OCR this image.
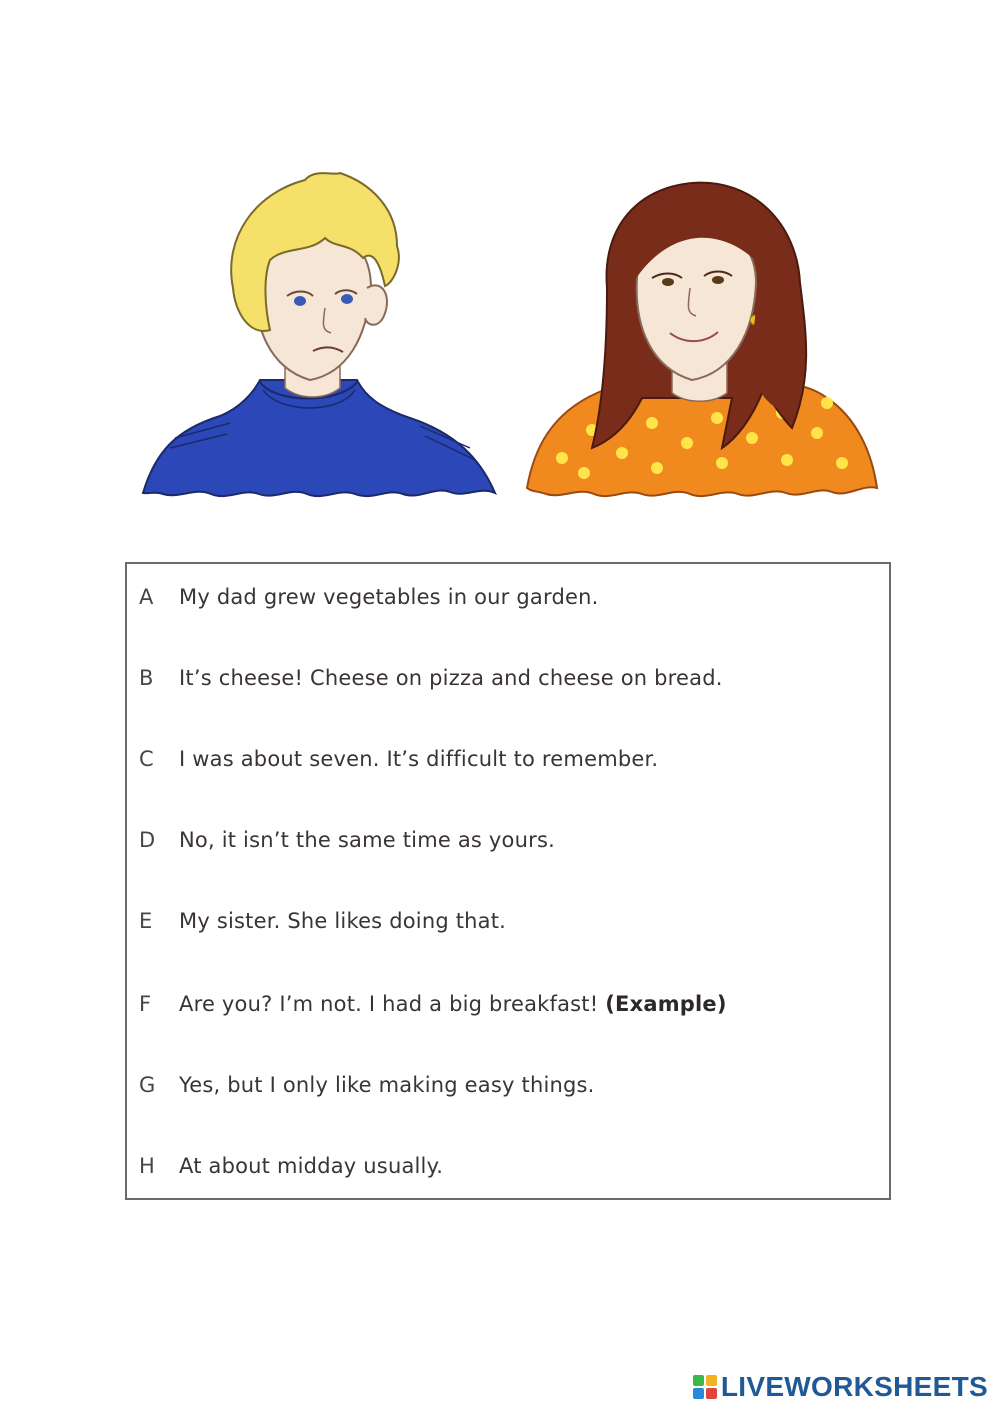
A	My dad grew vegetables in our garden.
B	It’s cheese! Cheese on pizza and cheese on bread.
C	I was about seven. It’s difficult to remember.
D	No, it isn’t the same time as yours.
E	My sister. She likes doing that.
F	Are you? I’m not. I had a big breakfast! (Example)
G	Yes, but I only like making easy things.
H	At about midday usually.
LIVEWORKSHEETS
